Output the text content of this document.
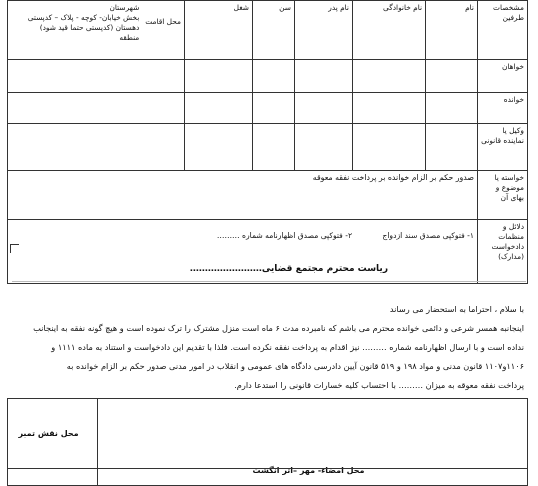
مشخصات طرفین	نام	نام خانوادگی	نام پدر	سن	شغل	محل اقامت
شهرستان
بخش خیابان- کوچه - پلاک – کدپستی
دهستان (کدپستی حتما قید شود)
منطقه

خواهان						
خوانده						
وکیل یا نماینده قانونی						
خواسته یا موضوع و بهای آن	صدور حکم بر الزام خوانده بر پرداخت نفقه معوقه					
دلائل و منظمات دادخواست (مدارک)	۱- فتوکپی مصدق سند ازدواج ۲- فتوکپی مصدق اظهارنامه شماره ………					
ریاست محترم مجتمع قضایی……………………

با سلام ، احتراما به استحضار می رساند

اینجانبه همسر شرعی و دائمی خوانده محترم می باشم که نامبرده مدت ۶ ماه است منزل مشترک را ترک نموده است و هیچ گونه نفقه به اینجانب

نداده است و با ارسال اظهارنامه شماره ……… نیز اقدام به پرداخت نفقه نکرده است. فلذا با تقدیم این دادخواست و استناد به ماده ۱۱۱۱ و

۱۱۰۶و۱۱۰۷ قانون مدنی و مواد ۱۹۸ و ۵۱۹ قانون آیین دادرسی دادگاه های عمومی و انقلاب در امور مدنی صدور حکم بر الزام خوانده به

پرداخت نفقه معوقه به میزان ……… با احتساب کلیه خسارات قانونی را استدعا دارم.

محل امضاء- مهر –اثر انگشت

محل نقش تمبر
